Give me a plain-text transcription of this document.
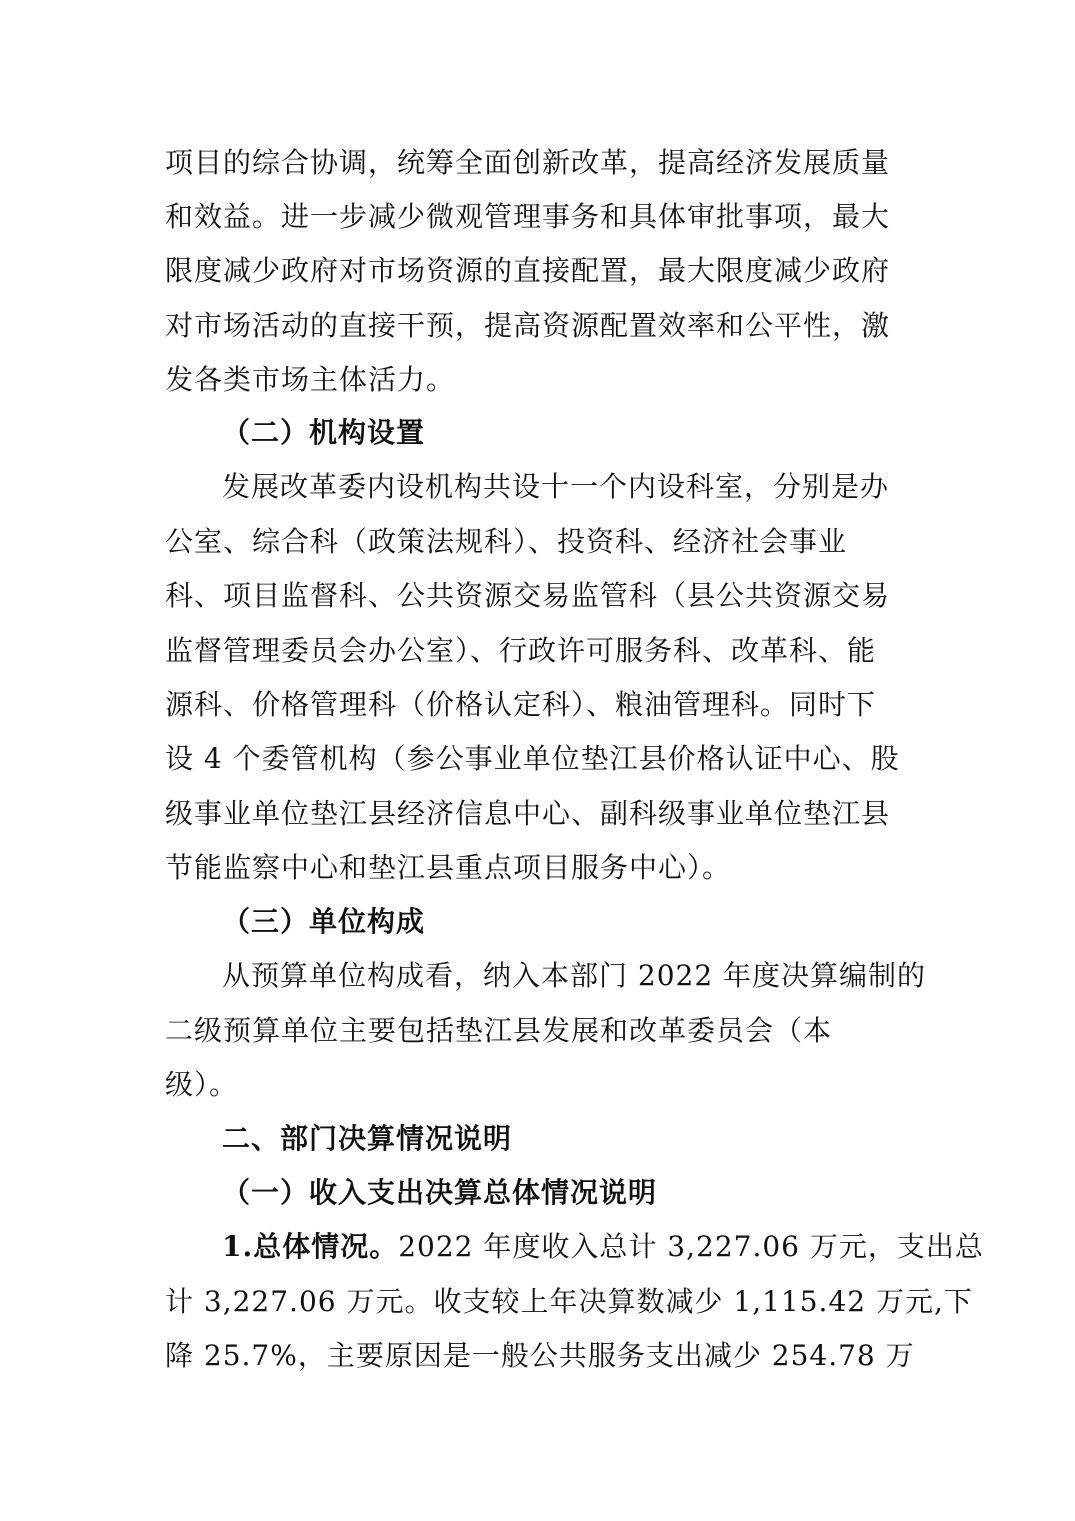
项目的综合协调，统筹全面创新改革，提高经济发展质量
和效益。进一步减少微观管理事务和具体审批事项，最大
限度减少政府对市场资源的直接配置，最大限度减少政府
对市场活动的直接干预，提高资源配置效率和公平性，激
发各类市场主体活力。
（二）机构设置
发展改革委内设机构共设十一个内设科室，分别是办
公室、综合科（政策法规科）、投资科、经济社会事业
科、项目监督科、公共资源交易监管科（县公共资源交易
监督管理委员会办公室）、行政许可服务科、改革科、能
源科、价格管理科（价格认定科）、粮油管理科。同时下
设 4 个委管机构（参公事业单位垫江县价格认证中心、股
级事业单位垫江县经济信息中心、副科级事业单位垫江县
节能监察中心和垫江县重点项目服务中心）。
（三）单位构成
从预算单位构成看，纳入本部门 2022 年度决算编制的
二级预算单位主要包括垫江县发展和改革委员会（本
级）。
二、部门决算情况说明
（一）收入支出决算总体情况说明
1.总体情况。2022 年度收入总计 3,227.06 万元，支出总
计 3,227.06 万元。收支较上年决算数减少 1,115.42 万元,下
降 25.7%，主要原因是一般公共服务支出减少 254.78 万
